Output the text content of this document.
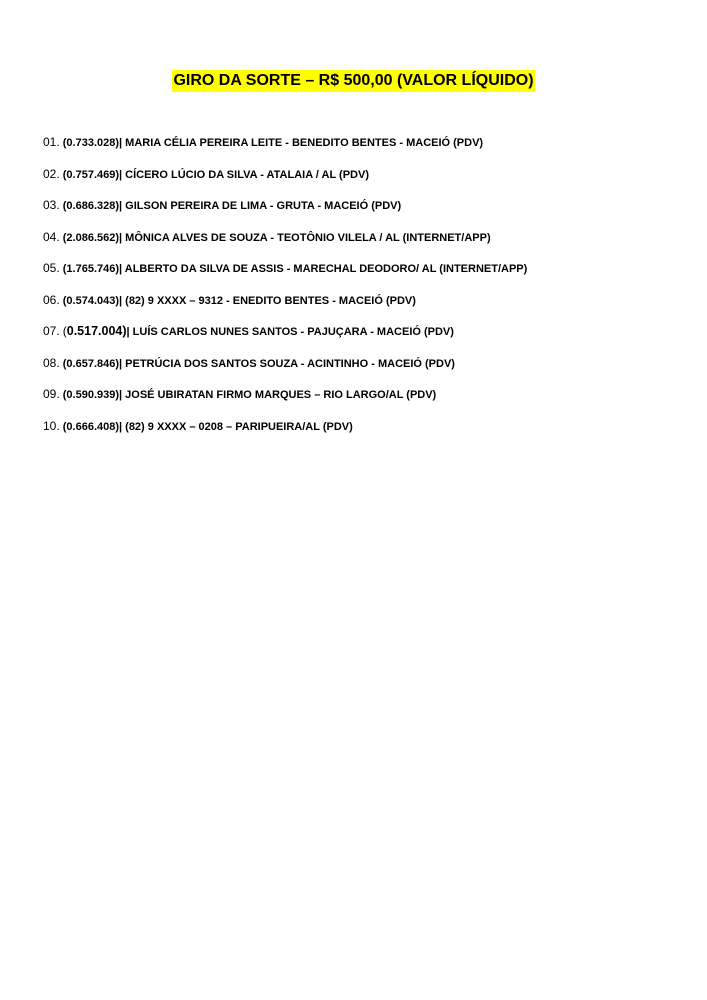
GIRO DA SORTE – R$ 500,00 (VALOR LÍQUIDO)
01. (0.733.028)| MARIA CÉLIA PEREIRA LEITE - BENEDITO BENTES - MACEIÓ (PDV)
02. (0.757.469)| CÍCERO LÚCIO DA SILVA - ATALAIA / AL (PDV)
03. (0.686.328)| GILSON PEREIRA DE LIMA - GRUTA - MACEIÓ (PDV)
04. (2.086.562)| MÔNICA ALVES DE SOUZA - TEOTÔNIO VILELA / AL (INTERNET/APP)
05. (1.765.746)| ALBERTO DA SILVA DE ASSIS - MARECHAL DEODORO/ AL (INTERNET/APP)
06. (0.574.043)| (82) 9 XXXX – 9312 - ENEDITO BENTES - MACEIÓ (PDV)
07. (0.517.004)| LUÍS CARLOS NUNES SANTOS - PAJUÇARA - MACEIÓ (PDV)
08. (0.657.846)| PETRÚCIA DOS SANTOS SOUZA - ACINTINHO - MACEIÓ (PDV)
09. (0.590.939)| JOSÉ UBIRATAN FIRMO MARQUES – RIO LARGO/AL (PDV)
10. (0.666.408)| (82) 9 XXXX – 0208 – PARIPUEIRA/AL (PDV)
